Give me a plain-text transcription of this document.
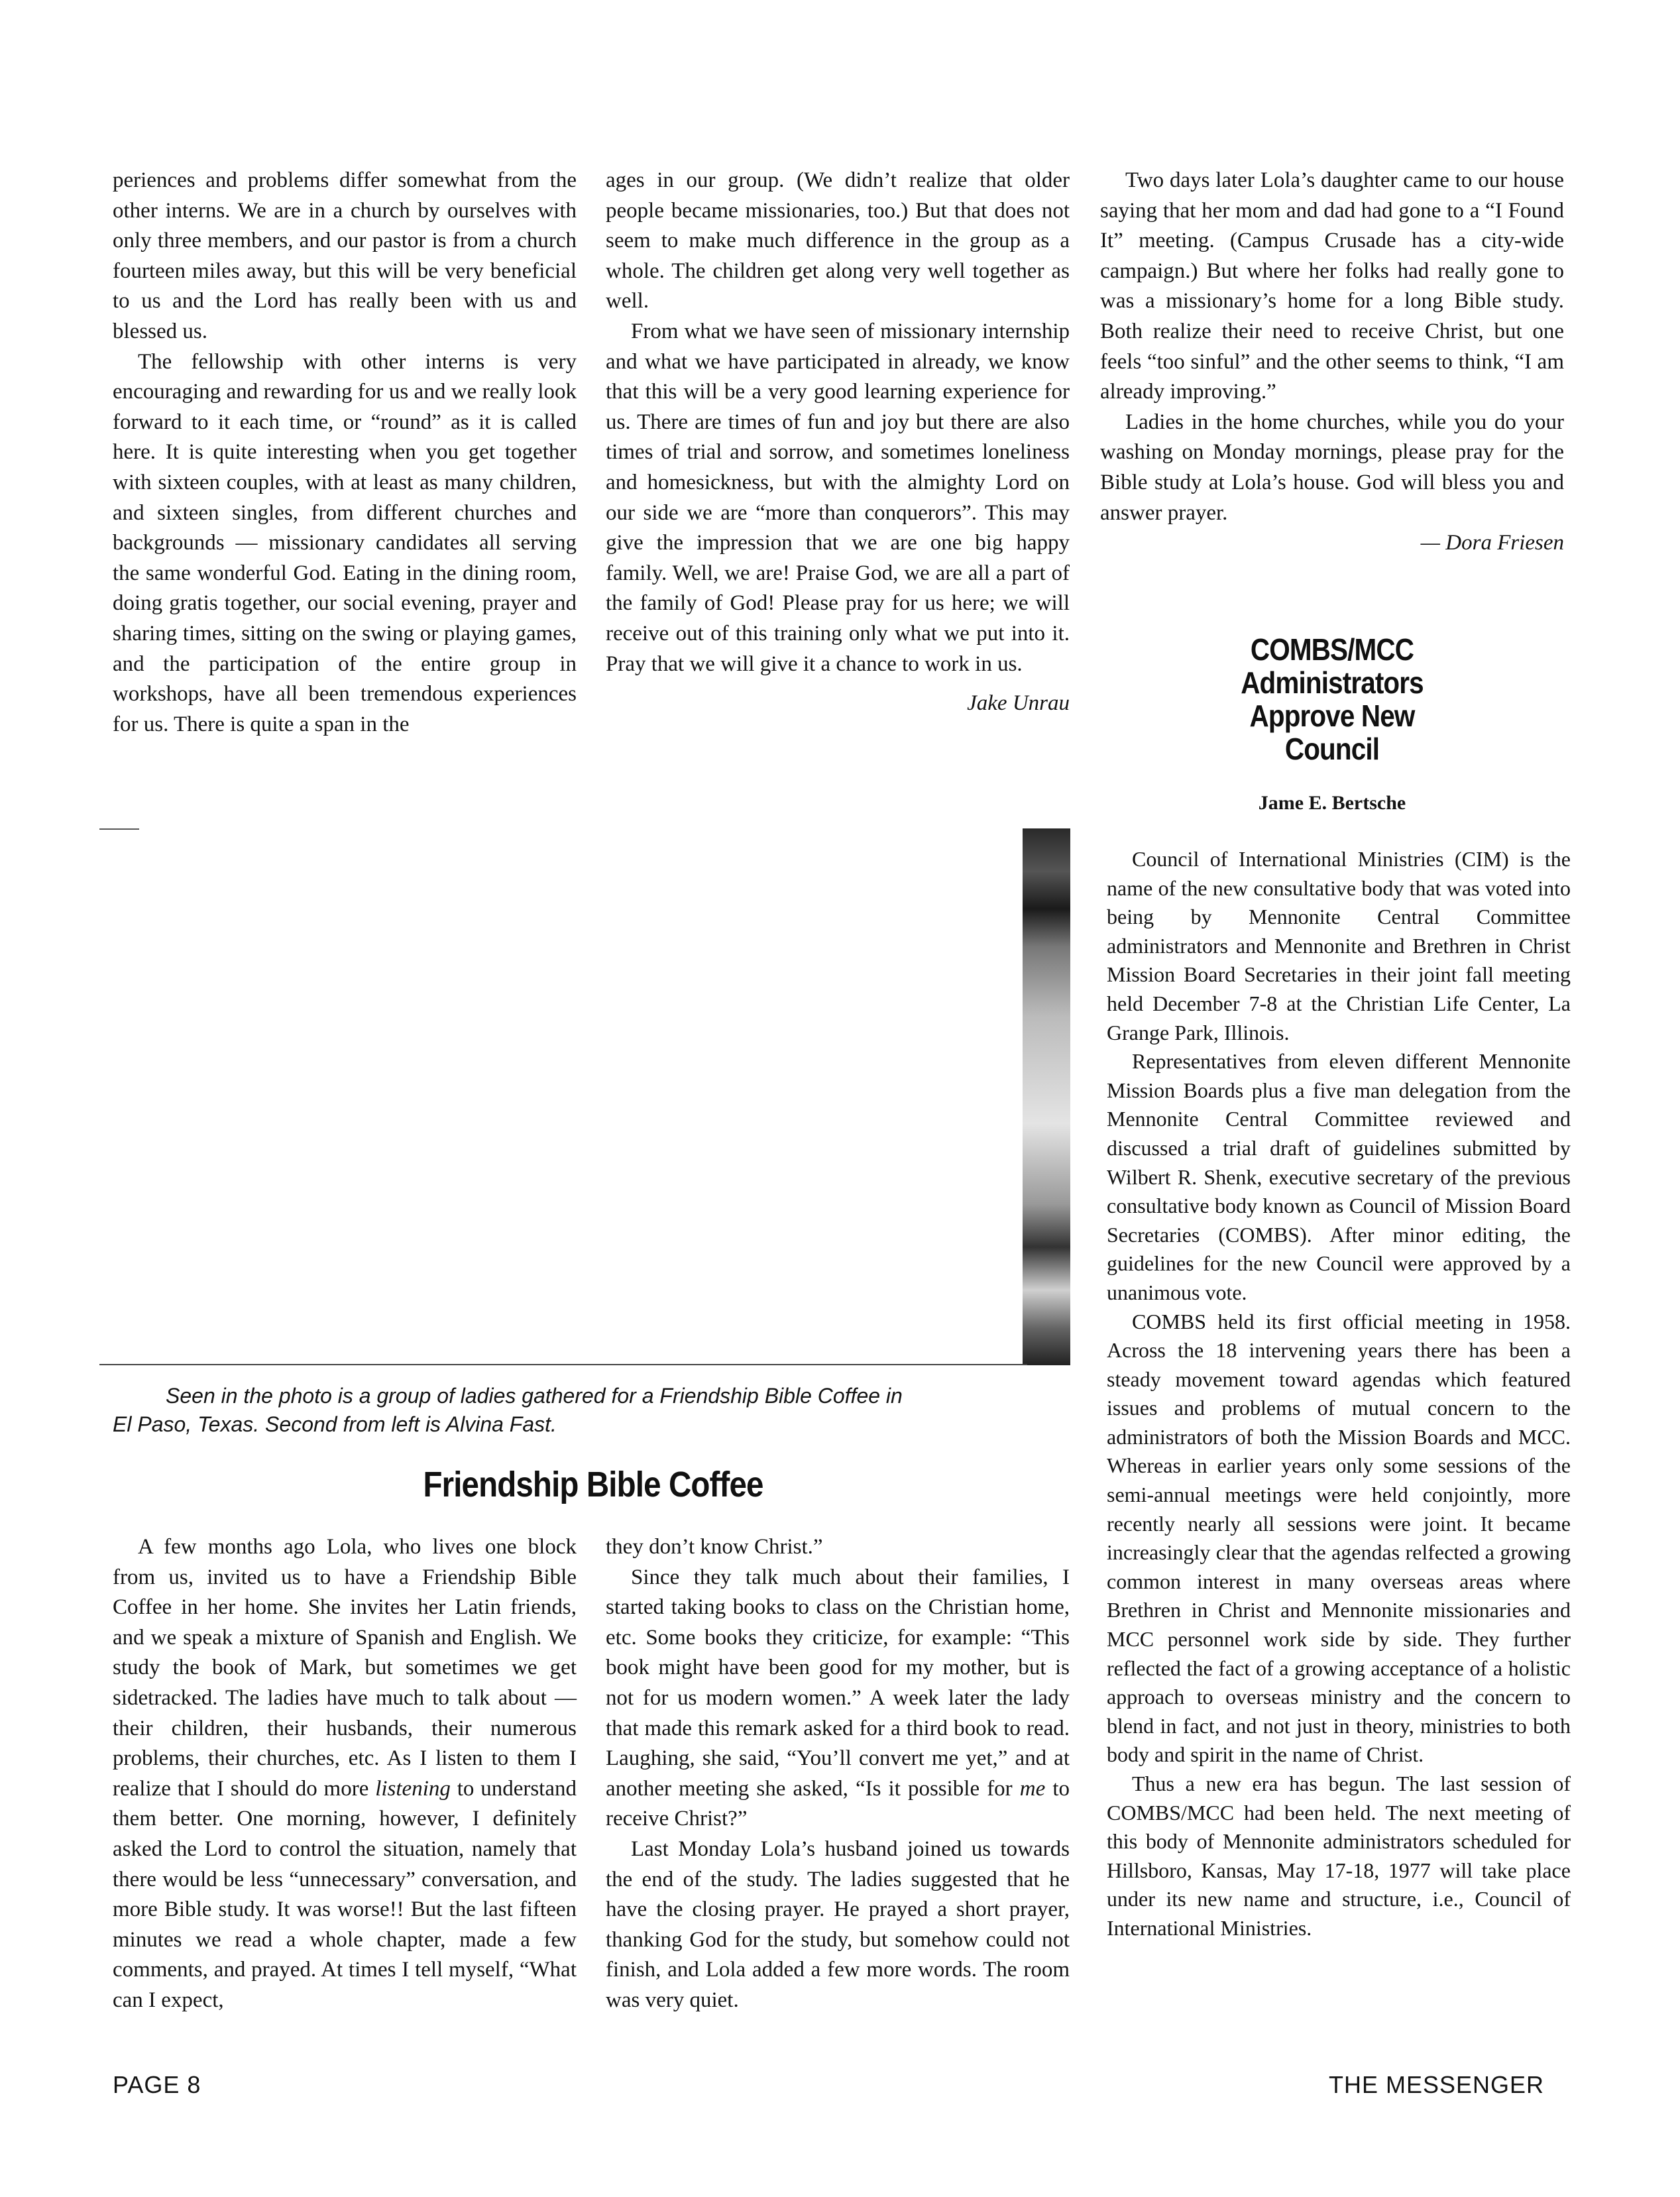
periences and problems differ somewhat from the other interns. We are in a church by ourselves with only three members, and our pastor is from a church fourteen miles away, but this will be very beneficial to us and the Lord has really been with us and blessed us.

The fellowship with other interns is very encouraging and rewarding for us and we really look forward to it each time, or “round” as it is called here. It is quite interesting when you get together with sixteen couples, with at least as many children, and sixteen singles, from different churches and backgrounds — missionary candidates all serving the same wonderful God. Eating in the dining room, doing gratis together, our social evening, prayer and sharing times, sitting on the swing or playing games, and the participation of the entire group in workshops, have all been tremendous experiences for us. There is quite a span in the

ages in our group. (We didn’t realize that older people became missionaries, too.) But that does not seem to make much difference in the group as a whole. The children get along very well together as well.

From what we have seen of missionary internship and what we have participated in already, we know that this will be a very good learning experience for us. There are times of fun and joy but there are also times of trial and sorrow, and sometimes loneliness and homesickness, but with the almighty Lord on our side we are “more than conquerors”. This may give the impression that we are one big happy family. Well, we are! Praise God, we are all a part of the family of God! Please pray for us here; we will receive out of this training only what we put into it. Pray that we will give it a chance to work in us.

Jake Unrau

Two days later Lola’s daughter came to our house saying that her mom and dad had gone to a “I Found It” meeting. (Campus Crusade has a city-wide campaign.) But where her folks had really gone to was a missionary’s home for a long Bible study. Both realize their need to receive Christ, but one feels “too sinful” and the other seems to think, “I am already improving.”

Ladies in the home churches, while you do your washing on Monday mornings, please pray for the Bible study at Lola’s house. God will bless you and answer prayer.

— Dora Friesen
COMBS/MCC
Administrators
Approve New
Council
Jame E. Bertsche

Council of International Ministries (CIM) is the name of the new consultative body that was voted into being by Mennonite Central Committee administrators and Mennonite and Brethren in Christ Mission Board Secretaries in their joint fall meeting held December 7-8 at the Christian Life Center, La Grange Park, Illinois.

Representatives from eleven different Mennonite Mission Boards plus a five man delegation from the Mennonite Central Committee reviewed and discussed a trial draft of guidelines submitted by Wilbert R. Shenk, executive secretary of the previous consultative body known as Council of Mission Board Secretaries (COMBS). After minor editing, the guidelines for the new Council were approved by a unanimous vote.

COMBS held its first official meeting in 1958. Across the 18 intervening years there has been a steady movement toward agendas which featured issues and problems of mutual concern to the administrators of both the Mission Boards and MCC. Whereas in earlier years only some sessions of the semi-annual meetings were held conjointly, more recently nearly all sessions were joint. It became increasingly clear that the agendas relfected a growing common interest in many overseas areas where Brethren in Christ and Mennonite missionaries and MCC personnel work side by side. They further reflected the fact of a growing acceptance of a holistic approach to overseas ministry and the concern to blend in fact, and not just in theory, ministries to both body and spirit in the name of Christ.

Thus a new era has begun. The last session of COMBS/MCC had been held. The next meeting of this body of Mennonite administrators scheduled for Hillsboro, Kansas, May 17-18, 1977 will take place under its new name and structure, i.e., Council of International Ministries.

Seen in the photo is a group of ladies gathered for a Friendship Bible Coffee in
El Paso, Texas. Second from left is Alvina Fast.
Friendship Bible Coffee

A few months ago Lola, who lives one block from us, invited us to have a Friendship Bible Coffee in her home. She invites her Latin friends, and we speak a mixture of Spanish and English. We study the book of Mark, but sometimes we get sidetracked. The ladies have much to talk about — their children, their husbands, their numerous problems, their churches, etc. As I listen to them I realize that I should do more listening to understand them better. One morning, however, I definitely asked the Lord to control the situation, namely that there would be less “unnecessary” conversation, and more Bible study. It was worse!! But the last fifteen minutes we read a whole chapter, made a few comments, and prayed. At times I tell myself, “What can I expect,

they don’t know Christ.”

Since they talk much about their families, I started taking books to class on the Christian home, etc. Some books they criticize, for example: “This book might have been good for my mother, but is not for us modern women.” A week later the lady that made this remark asked for a third book to read. Laughing, she said, “You’ll convert me yet,” and at another meeting she asked, “Is it possible for me to receive Christ?”

Last Monday Lola’s husband joined us towards the end of the study. The ladies suggested that he have the closing prayer. He prayed a short prayer, thanking God for the study, but somehow could not finish, and Lola added a few more words. The room was very quiet.

PAGE 8	THE MESSENGER
